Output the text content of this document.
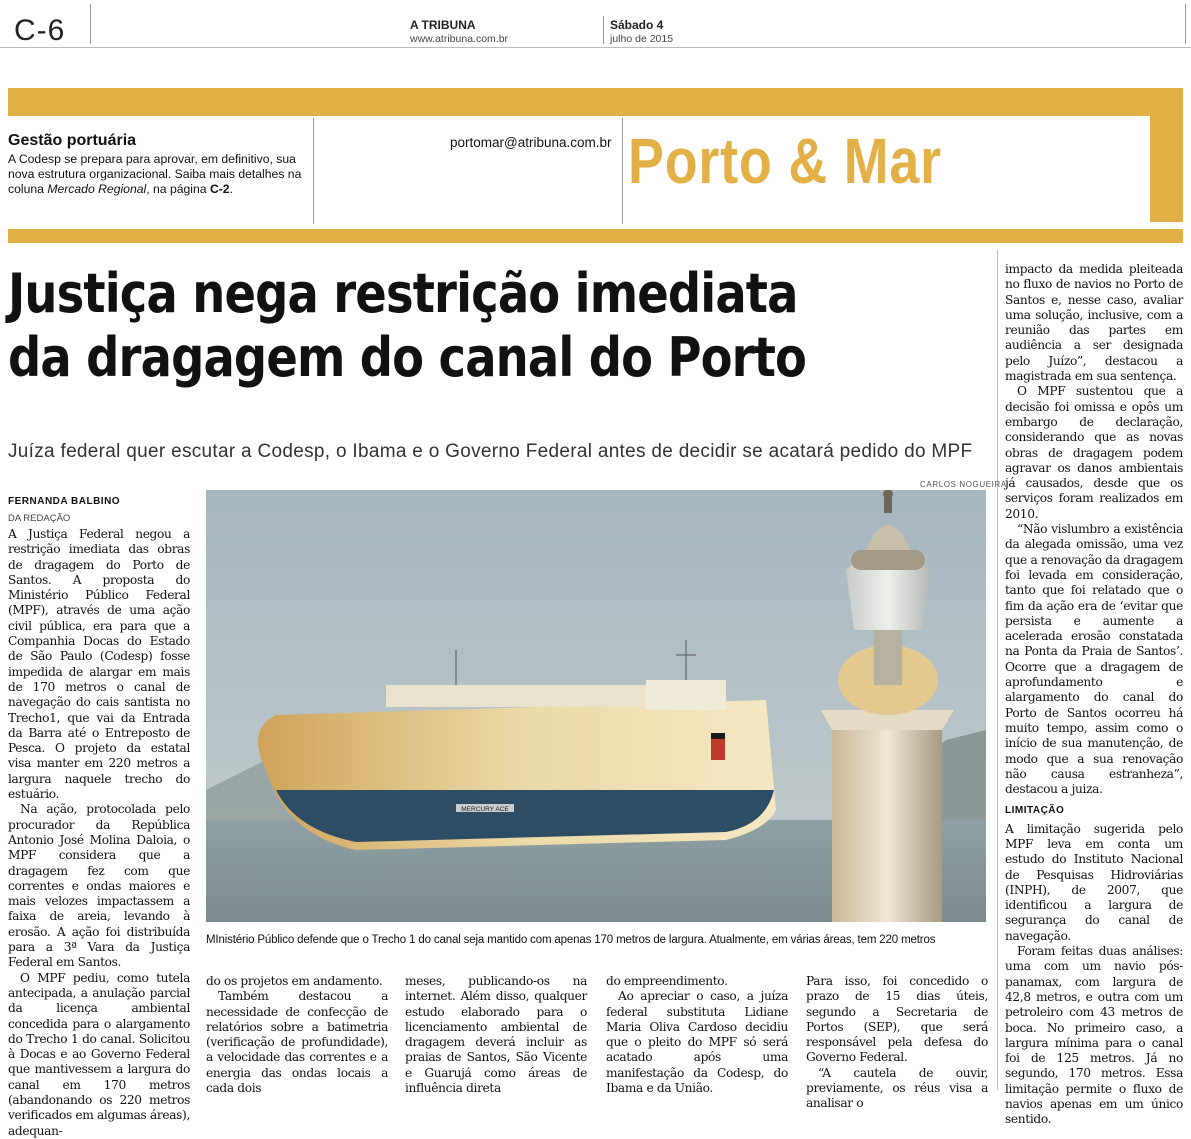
C-6	A TRIBUNA
www.atribuna.com.br
Sábado 4
julho de 2015
Gestão portuária
A Codesp se prepara para aprovar, em definitivo, sua nova estrutura organizacional. Saiba mais detalhes na coluna Mercado Regional, na página C-2.
portomar@atribuna.com.br Porto & Mar
Justiça nega restrição imediata
da dragagem do canal do Porto
Juíza federal quer escutar a Codesp, o Ibama e o Governo Federal antes de decidir se acatará pedido do MPF
FERNANDA BALBINO
DA REDAÇÃO
CARLOS NOGUEIRA
MERCURY ACE
MInistério Público defende que o Trecho 1 do canal seja mantido com apenas 170 metros de largura. Atualmente, em várias áreas, tem 220 metros

A Justiça Federal negou a restrição imediata das obras de dragagem do Porto de Santos. A proposta do Ministério Público Federal (MPF), através de uma ação civil pública, era para que a Companhia Docas do Estado de São Paulo (Codesp) fosse impedida de alargar em mais de 170 metros o canal de navegação do cais santista no Trecho1, que vai da Entrada da Barra até o Entreposto de Pesca. O projeto da estatal visa manter em 220 metros a largura naquele trecho do estuário.

Na ação, protocolada pelo procurador da República Antonio José Molina Daloia, o MPF considera que a dragagem fez com que correntes e ondas maiores e mais velozes impactassem a faixa de areia, levando à erosão. A ação foi distribuída para a 3ª Vara da Justiça Federal em Santos.

O MPF pediu, como tutela antecipada, a anulação parcial da licença ambiental concedida para o alargamento do Trecho 1 do canal. Solicitou à Docas e ao Governo Federal que mantivessem a largura do canal em 170 metros (abandonando os 220 metros verificados em algumas áreas), adequan-

do os projetos em andamento.

Também destacou a necessidade de confecção de relatórios sobre a batimetria (verificação de profundidade), a velocidade das correntes e a energia das ondas locais a cada dois

meses, publicando-os na internet. Além disso, qualquer estudo elaborado para o licenciamento ambiental de dragagem deverá incluir as praias de Santos, São Vicente e Guarujá como áreas de influência direta

do empreendimento.

Ao apreciar o caso, a juíza federal substituta Lidiane Maria Oliva Cardoso decidiu que o pleito do MPF só será acatado após uma manifestação da Codesp, do Ibama e da União.

Para isso, foi concedido o prazo de 15 dias úteis, segundo a Secretaria de Portos (SEP), que será responsável pela defesa do Governo Federal.

“A cautela de ouvir, previamente, os réus visa a analisar o

impacto da medida pleiteada no fluxo de navios no Porto de Santos e, nesse caso, avaliar uma solução, inclusive, com a reunião das partes em audiência a ser designada pelo Juízo”, destacou a magistrada em sua sentença.

O MPF sustentou que a decisão foi omissa e opôs um embargo de declaração, considerando que as novas obras de dragagem podem agravar os danos ambientais já causados, desde que os serviços foram realizados em 2010.

“Não vislumbro a existência da alegada omissão, uma vez que a renovação da dragagem foi levada em consideração, tanto que foi relatado que o fim da ação era de ‘evitar que persista e aumente a acelerada erosão constatada na Ponta da Praia de Santos’. Ocorre que a dragagem de aprofundamento e alargamento do canal do Porto de Santos ocorreu há muito tempo, assim como o início de sua manutenção, de modo que a sua renovação não causa estranheza”, destacou a juiza.

LIMITAÇÃO

A limitação sugerida pelo MPF leva em conta um estudo do Instituto Nacional de Pesquisas Hidroviárias (INPH), de 2007, que identificou a largura de segurança do canal de navegação.

Foram feitas duas análises: uma com um navio pós-panamax, com largura de 42,8 metros, e outra com um petroleiro com 43 metros de boca. No primeiro caso, a largura mínima para o canal foi de 125 metros. Já no segundo, 170 metros. Essa limitação permite o fluxo de navios apenas em um único sentido.
